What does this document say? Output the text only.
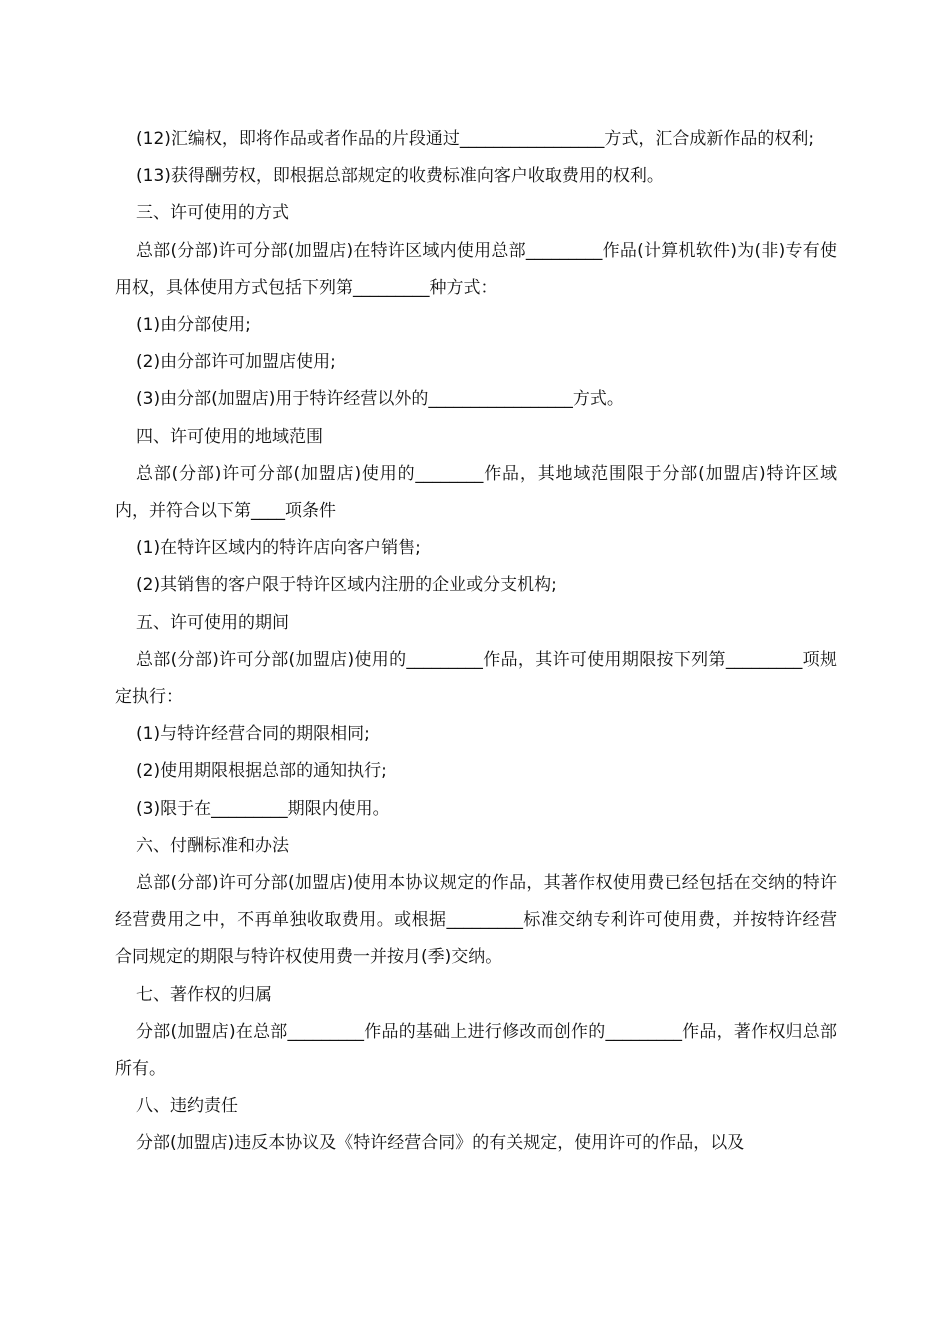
(12)汇编权，即将作品或者作品的片段通过_________________方式，汇合成新作品的权利;

(13)获得酬劳权，即根据总部规定的收费标准向客户收取费用的权利。

三、许可使用的方式

总部(分部)许可分部(加盟店)在特许区域内使用总部_________作品(计算机软件)为(非)专有使用权，具体使用方式包括下列第_________种方式：

(1)由分部使用;

(2)由分部许可加盟店使用;

(3)由分部(加盟店)用于特许经营以外的_________________方式。

四、许可使用的地域范围

总部(分部)许可分部(加盟店)使用的________作品，其地域范围限于分部(加盟店)特许区域内，并符合以下第____项条件

(1)在特许区域内的特许店向客户销售;

(2)其销售的客户限于特许区域内注册的企业或分支机构;

五、许可使用的期间

总部(分部)许可分部(加盟店)使用的_________作品，其许可使用期限按下列第_________项规定执行：

(1)与特许经营合同的期限相同;

(2)使用期限根据总部的通知执行;

(3)限于在_________期限内使用。

六、付酬标准和办法

总部(分部)许可分部(加盟店)使用本协议规定的作品，其著作权使用费已经包括在交纳的特许经营费用之中，不再单独收取费用。或根据_________标准交纳专利许可使用费，并按特许经营合同规定的期限与特许权使用费一并按月(季)交纳。

七、著作权的归属

分部(加盟店)在总部_________作品的基础上进行修改而创作的_________作品，著作权归总部所有。

八、违约责任

分部(加盟店)违反本协议及《特许经营合同》的有关规定，使用许可的作品，以及
